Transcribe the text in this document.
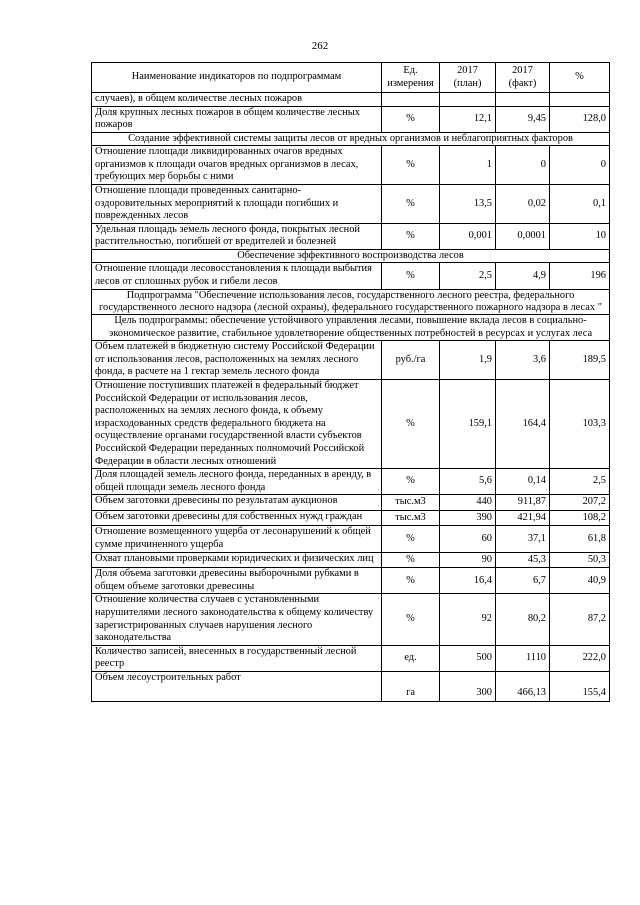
262
Наименование индикаторов по подпрограммам	Ед. измерения	2017 (план)	2017 (факт)	%
случаев), в общем количестве лесных пожаров				
Доля крупных лесных пожаров в общем количестве лесных пожаров	%	12,1	9,45	128,0
Создание эффективной системы защиты лесов от вредных организмов и неблагоприятных факторов				
Отношение площади ликвидированных очагов вредных организмов к площади очагов вредных организмов в лесах, требующих мер борьбы с ними	%	1	0	0
Отношение площади проведенных санитарно-оздоровительных мероприятий к площади погибших и поврежденных лесов	%	13,5	0,02	0,1
Удельная площадь земель лесного фонда, покрытых лесной растительностью, погибшей от вредителей и болезней	%	0,001	0,0001	10
Обеспечение эффективного воспроизводства лесов				
Отношение площади лесовосстановления к площади выбытия лесов от сплошных рубок и гибели лесов	%	2,5	4,9	196
Подпрограмма "Обеспечение использования лесов, государственного лесного реестра, федерального государственного лесного надзора (лесной охраны), федерального государственного пожарного надзора в лесах "				
Цель подпрограммы: обеспечение устойчивого управления лесами, повышение вклада лесов в социально-экономическое развитие, стабильное удовлетворение общественных потребностей в ресурсах и услугах леса				
Объем платежей в бюджетную систему Российской Федерации от использования лесов, расположенных на землях лесного фонда, в расчете на 1 гектар земель лесного фонда	руб./га	1,9	3,6	189,5
Отношение поступивших платежей в федеральный бюджет Российской Федерации от использования лесов, расположенных на землях лесного фонда, к объему израсходованных средств федерального бюджета на осуществление органами государственной власти субъектов Российской Федерации переданных полномочий Российской Федерации в области лесных отношений	%	159,1	164,4	103,3
Доля площадей земель лесного фонда, переданных в аренду, в общей площади земель лесного фонда	%	5,6	0,14	2,5
Объем заготовки древесины по результатам аукционов	тыс.м3	440	911,87	207,2
Объем заготовки древесины для собственных нужд граждан	тыс.м3	390	421,94	108,2
Отношение возмещенного ущерба от лесонарушений к общей сумме причиненного ущерба	%	60	37,1	61,8
Охват плановыми проверками юридических и физических лиц	%	90	45,3	50,3
Доля объема заготовки древесины выборочными рубками в общем объеме заготовки древесины	%	16,4	6,7	40,9
Отношение количества случаев с установленными нарушителями лесного законодательства к общему количеству зарегистрированных случаев нарушения лесного законодательства	%	92	80,2	87,2
Количество записей, внесенных в государственный лесной реестр	ед.	500	1110	222,0
Объем лесоустроительных работ	га	300	466,13	155,4
